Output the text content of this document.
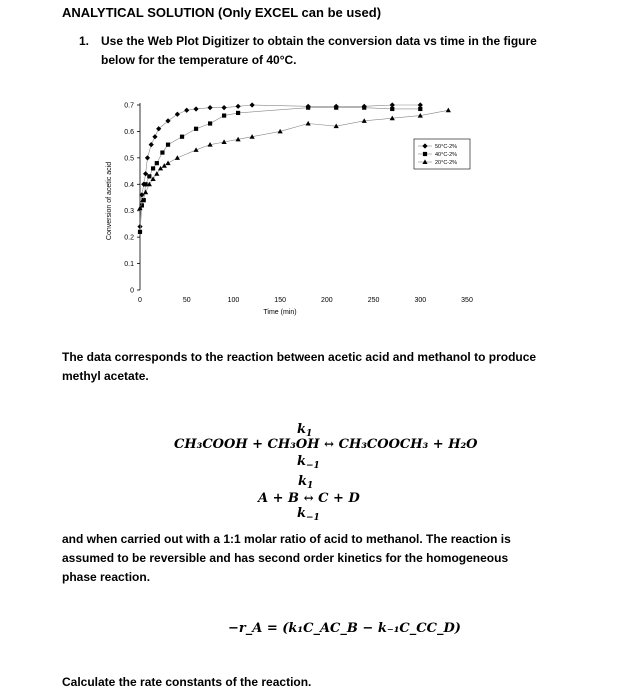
ANALYTICAL SOLUTION (Only EXCEL can be used)
1. Use the Web Plot Digitizer to obtain the conversion data vs time in the figure below for the temperature of 40°C.
0
0.1
0.2
0.3
0.4
0.5
0.6
0.7
0	50	100	150	200	250	300	350
50°C-2%
40°C-2%
20°C-2%
Time (min)
Conversion of acetic acid
The data corresponds to the reaction between acetic acid and methanol to produce methyl acetate.
$k_1$
CH₃COOH + CH₃OH ↔ CH₃COOCH₃ + H₂O
$k_{-1}$
$k_1$
A + B ↔ C + D
$k_{-1}$
and when carried out with a 1:1 molar ratio of acid to methanol. The reaction is assumed to be reversible and has second order kinetics for the homogeneous phase reaction.
−r_A = (k₁C_AC_B − k₋₁C_CC_D)
Calculate the rate constants of the reaction.
